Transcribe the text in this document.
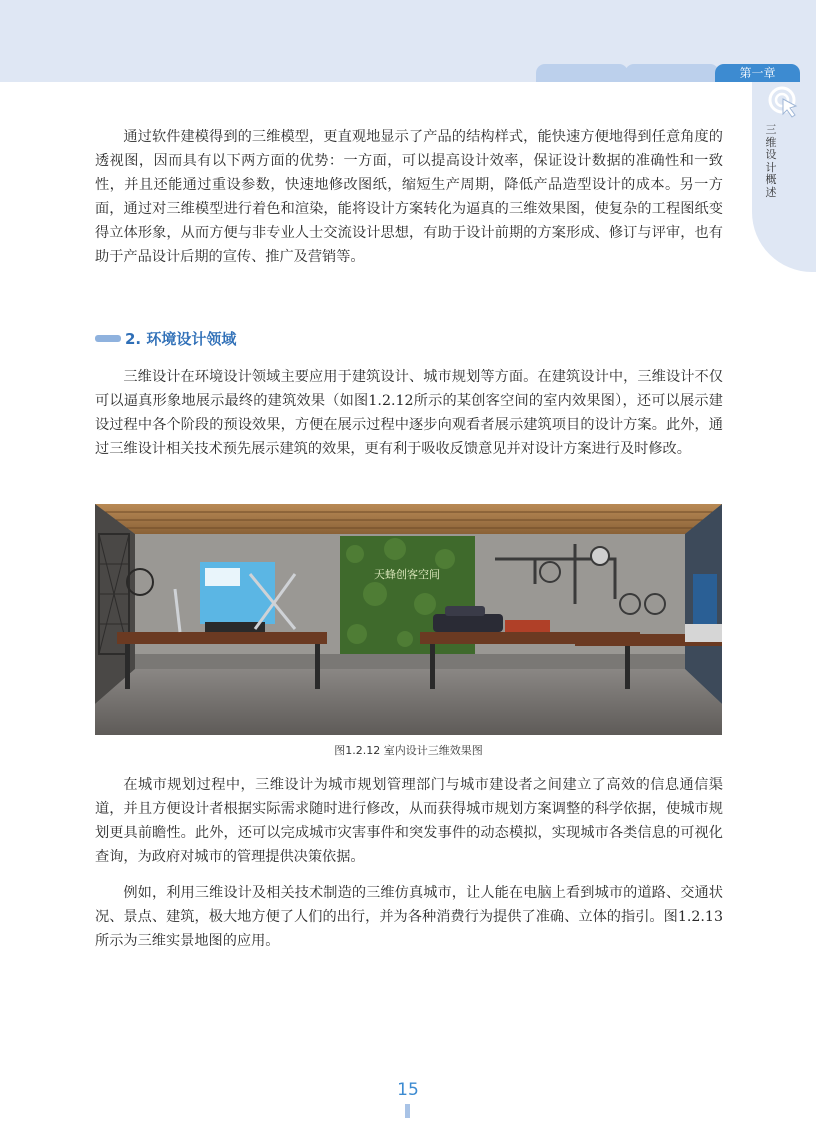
第一章
三维设计概述

通过软件建模得到的三维模型，更直观地显示了产品的结构样式，能快速方便地得到任意角度的透视图，因而具有以下两方面的优势：一方面，可以提高设计效率，保证设计数据的准确性和一致性，并且还能通过重设参数，快速地修改图纸，缩短生产周期，降低产品造型设计的成本。另一方面，通过对三维模型进行着色和渲染，能将设计方案转化为逼真的三维效果图，使复杂的工程图纸变得立体形象，从而方便与非专业人士交流设计思想，有助于设计前期的方案形成、修订与评审，也有助于产品设计后期的宣传、推广及营销等。

2. 环境设计领域

三维设计在环境设计领域主要应用于建筑设计、城市规划等方面。在建筑设计中，三维设计不仅可以逼真形象地展示最终的建筑效果（如图1.2.12所示的某创客空间的室内效果图），还可以展示建设过程中各个阶段的预设效果，方便在展示过程中逐步向观看者展示建筑项目的设计方案。此外，通过三维设计相关技术预先展示建筑的效果，更有利于吸收反馈意见并对设计方案进行及时修改。

天蜂创客空间
图1.2.12 室内设计三维效果图

在城市规划过程中，三维设计为城市规划管理部门与城市建设者之间建立了高效的信息通信渠道，并且方便设计者根据实际需求随时进行修改，从而获得城市规划方案调整的科学依据，使城市规划更具前瞻性。此外，还可以完成城市灾害事件和突发事件的动态模拟，实现城市各类信息的可视化查询，为政府对城市的管理提供决策依据。

例如，利用三维设计及相关技术制造的三维仿真城市，让人能在电脑上看到城市的道路、交通状况、景点、建筑，极大地方便了人们的出行，并为各种消费行为提供了准确、立体的指引。图1.2.13所示为三维实景地图的应用。

15
